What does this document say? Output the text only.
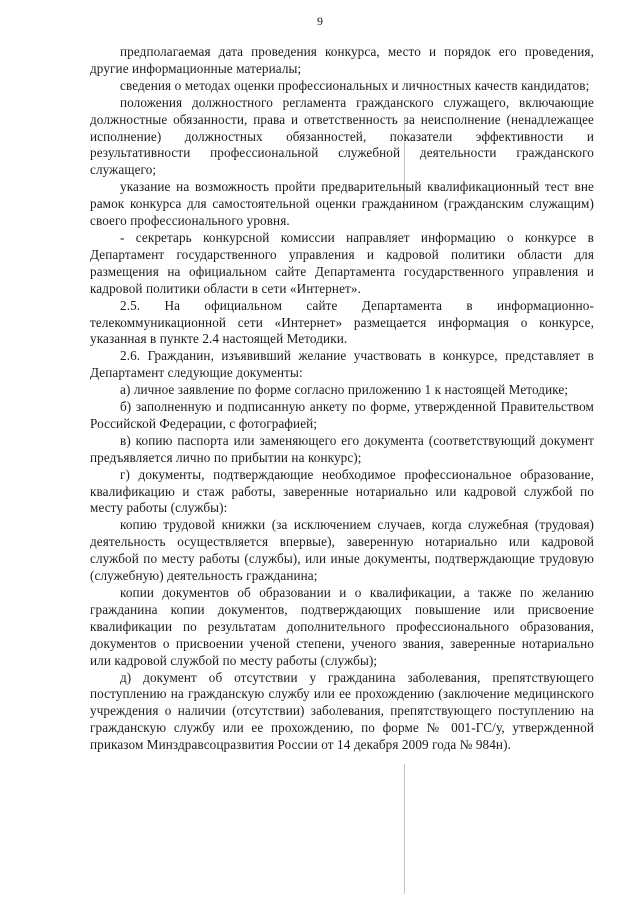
9

предполагаемая дата проведения конкурса, место и порядок его проведения, другие информационные материалы;

сведения о методах оценки профессиональных и личностных качеств кандидатов;

положения должностного регламента гражданского служащего, включающие должностные обязанности, права и ответственность за неисполнение (ненадлежащее исполнение) должностных обязанностей, показатели эффективности и результативности профессиональной служебной деятельности гражданского служащего;

указание на возможность пройти предварительный квалификационный тест вне рамок конкурса для самостоятельной оценки гражданином (гражданским служащим) своего профессионального уровня.

- секретарь конкурсной комиссии направляет информацию о конкурсе в Департамент государственного управления и кадровой политики области для размещения на официальном сайте Департамента государственного управления и кадровой политики области в сети «Интернет».

2.5. На официальном сайте Департамента в информационно-телекоммуникационной сети «Интернет» размещается информация о конкурсе, указанная в пункте 2.4 настоящей Методики.

2.6. Гражданин, изъявивший желание участвовать в конкурсе, представляет в Департамент следующие документы:

а) личное заявление по форме согласно приложению 1 к настоящей Методике;

б) заполненную и подписанную анкету по форме, утвержденной Правительством Российской Федерации, с фотографией;

в) копию паспорта или заменяющего его документа (соответствующий документ предъявляется лично по прибытии на конкурс);

г) документы, подтверждающие необходимое профессиональное образование, квалификацию и стаж работы, заверенные нотариально или кадровой службой по месту работы (службы):

копию трудовой книжки (за исключением случаев, когда служебная (трудовая) деятельность осуществляется впервые), заверенную нотариально или кадровой службой по месту работы (службы), или иные документы, подтверждающие трудовую (служебную) деятельность гражданина;

копии документов об образовании и о квалификации, а также по желанию гражданина копии документов, подтверждающих повышение или присвоение квалификации по результатам дополнительного профессионального образования, документов о присвоении ученой степени, ученого звания, заверенные нотариально или кадровой службой по месту работы (службы);

д) документ об отсутствии у гражданина заболевания, препятствующего поступлению на гражданскую службу или ее прохождению (заключение медицинского учреждения о наличии (отсутствии) заболевания, препятствующего поступлению на гражданскую службу или ее прохождению, по форме № 001-ГС/у, утвержденной приказом Минздравсоцразвития России от 14 декабря 2009 года № 984н).
